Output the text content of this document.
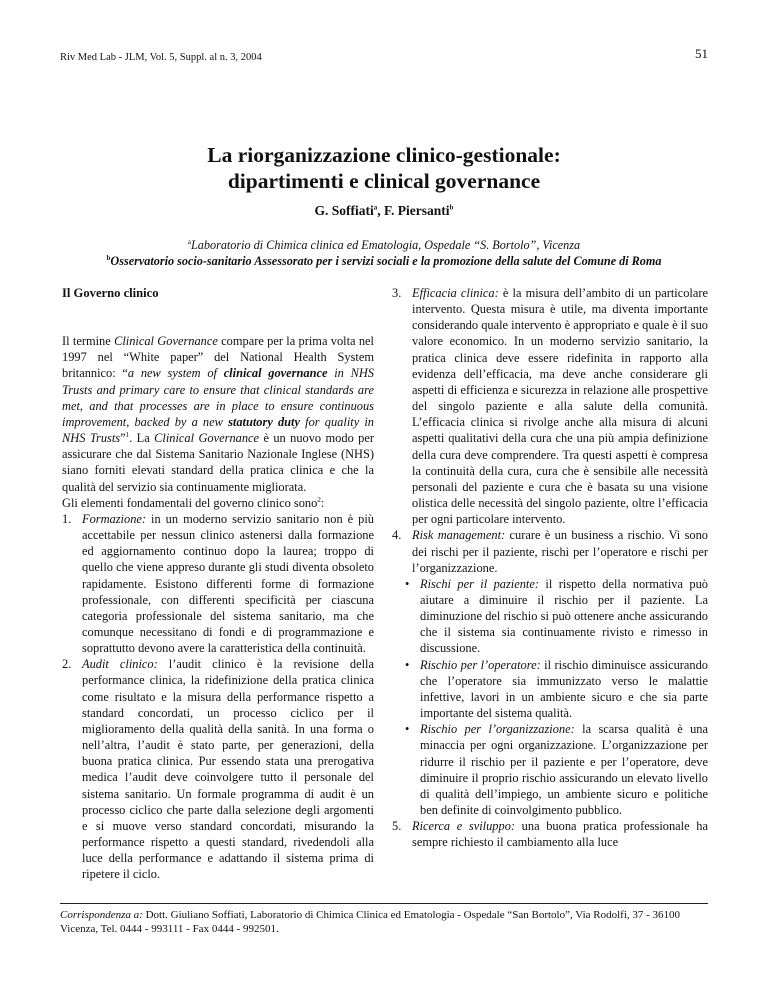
Riv Med Lab - JLM, Vol. 5, Suppl. al n. 3, 2004	51
La riorganizzazione clinico-gestionale:
dipartimenti e clinical governance
G. Soffiati$^a$, F. Piersanti$^b$
$^a$Laboratorio di Chimica clinica ed Ematologia, Ospedale “S. Bortolo”, Vicenza
$^b$Osservatorio socio-sanitario Assessorato per i servizi sociali e la promozione della salute del Comune di Roma
Il Governo clinico

Il termine Clinical Governance compare per la prima volta nel 1997 nel “White paper” del National Health System britannico: “a new system of clinical governance in NHS Trusts and primary care to ensure that clinical standards are met, and that processes are in place to ensure continuous improvement, backed by a new statutory duty for quality in NHS Trusts”$^1$. La Clinical Governance è un nuovo modo per assicurare che dal Sistema Sanitario Nazionale Inglese (NHS) siano forniti elevati standard della pratica clinica e che la qualità del servizio sia continuamente migliorata.

Gli elementi fondamentali del governo clinico sono$^2$:

1. Formazione: in un moderno servizio sanitario non è più accettabile per nessun clinico astenersi dalla formazione ed aggiornamento continuo dopo la laurea; troppo di quello che viene appreso durante gli studi diventa obsoleto rapidamente. Esistono differenti forme di formazione professionale, con differenti specificità per ciascuna categoria professionale del sistema sanitario, ma che comunque necessitano di fondi e di programmazione e soprattutto devono avere la caratteristica della continuità.
2. Audit clinico: l’audit clinico è la revisione della performance clinica, la ridefinizione della pratica clinica come risultato e la misura della performance rispetto a standard concordati, un processo ciclico per il miglioramento della qualità della sanità. In una forma o nell’altra, l’audit è stato parte, per generazioni, della buona pratica clinica. Pur essendo stata una prerogativa medica l’audit deve coinvolgere tutto il personale del sistema sanitario. Un formale programma di audit è un processo ciclico che parte dalla selezione degli argomenti e si muove verso standard concordati, misurando la performance rispetto a questi standard, rivedendoli alla luce della performance e adattando il sistema prima di ripetere il ciclo.
3. Efficacia clinica: è la misura dell’ambito di un particolare intervento. Questa misura è utile, ma diventa importante considerando quale intervento è appropriato e quale è il suo valore economico. In un moderno servizio sanitario, la pratica clinica deve essere ridefinita in rapporto alla evidenza dell’efficacia, ma deve anche considerare gli aspetti di efficienza e sicurezza in relazione alle prospettive del singolo paziente e alla salute della comunità. L’efficacia clinica si rivolge anche alla misura di alcuni aspetti qualitativi della cura che una più ampia definizione della cura deve comprendere. Tra questi aspetti è compresa la continuità della cura, cura che è sensibile alle necessità personali del paziente e cura che è basata su una visione olistica delle necessità del singolo paziente, oltre l’efficacia per ogni particolare intervento.
4. Risk management: curare è un business a rischio. Vi sono dei rischi per il paziente, rischi per l’operatore e rischi per l’organizzazione.
• Rischi per il paziente: il rispetto della normativa può aiutare a diminuire il rischio per il paziente. La diminuzione del rischio si può ottenere anche assicurando che il sistema sia continuamente rivisto e rimesso in discussione.
• Rischio per l’operatore: il rischio diminuisce assicurando che l’operatore sia immunizzato verso le malattie infettive, lavori in un ambiente sicuro e che sia parte importante del sistema qualità.
• Rischio per l’organizzazione: la scarsa qualità è una minaccia per ogni organizzazione. L’organizzazione per ridurre il rischio per il paziente e per l’operatore, deve diminuire il proprio rischio assicurando un elevato livello di qualità dell’impiego, un ambiente sicuro e politiche ben definite di coinvolgimento pubblico.
5. Ricerca e sviluppo: una buona pratica professionale ha sempre richiesto il cambiamento alla luce
Corrispondenza a: Dott. Giuliano Soffiati, Laboratorio di Chimica Clinica ed Ematologia - Ospedale “San Bortolo”, Via Rodolfi, 37 - 36100 Vicenza, Tel. 0444 - 993111 - Fax 0444 - 992501.
